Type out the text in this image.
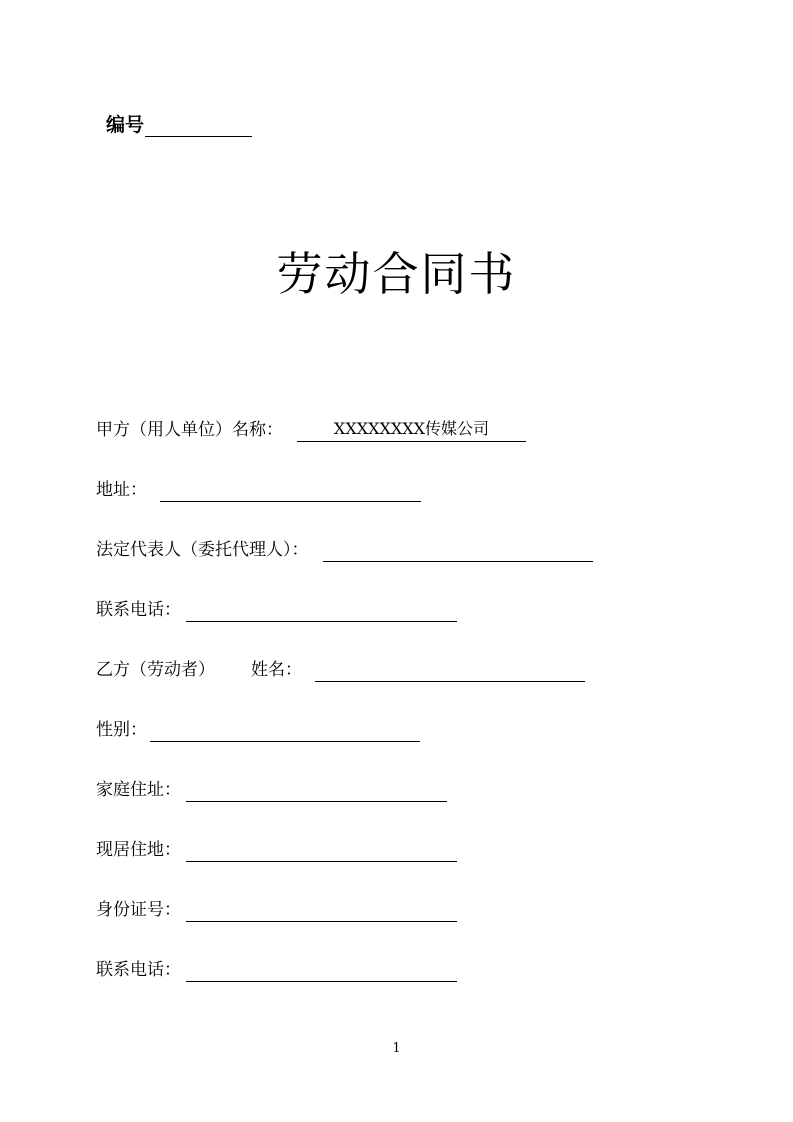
编号
劳动合同书
甲方（用人单位）名称：	XXXXXXXX传媒公司
地址：
法定代表人（委托代理人）：
联系电话：
乙方（劳动者） 姓名：
性别：
家庭住址：
现居住地：
身份证号：
联系电话：
1
